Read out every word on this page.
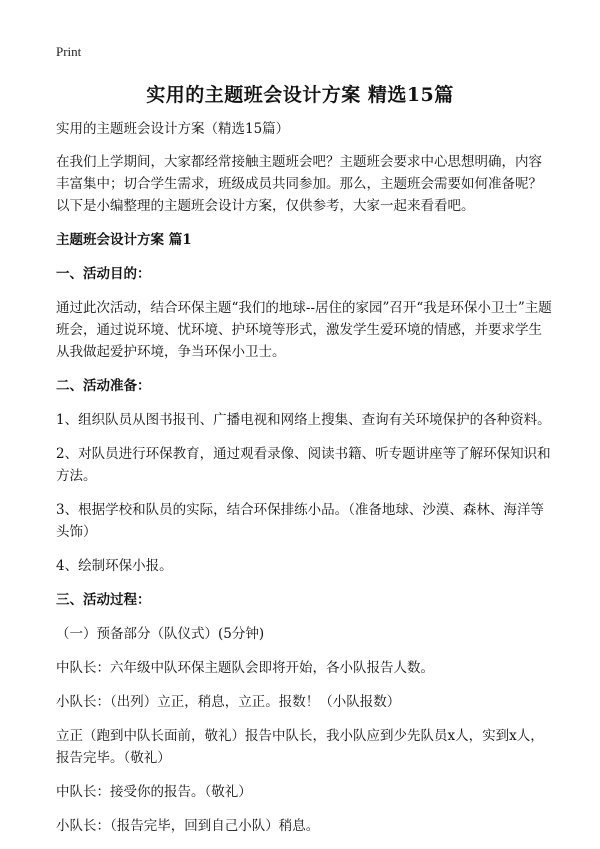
Print
实用的主题班会设计方案 精选15篇

实用的主题班会设计方案（精选15篇）

在我们上学期间，大家都经常接触主题班会吧？主题班会要求中心思想明确，内容丰富集中；切合学生需求，班级成员共同参加。那么，主题班会需要如何准备呢？以下是小编整理的主题班会设计方案，仅供参考，大家一起来看看吧。

主题班会设计方案 篇1

一、活动目的：

通过此次活动，结合环保主题“我们的地球--居住的家园”召开“我是环保小卫士”主题班会，通过说环境、忧环境、护环境等形式，激发学生爱环境的情感，并要求学生从我做起爱护环境，争当环保小卫士。

二、活动准备：

1、组织队员从图书报刊、广播电视和网络上搜集、查询有关环境保护的各种资料。

2、对队员进行环保教育，通过观看录像、阅读书籍、听专题讲座等了解环保知识和方法。

3、根据学校和队员的实际，结合环保排练小品。（准备地球、沙漠、森林、海洋等头饰）

4、绘制环保小报。

三、活动过程：

（一）预备部分（队仪式）(5分钟)

中队长：六年级中队环保主题队会即将开始，各小队报告人数。

小队长：（出列）立正，稍息，立正。报数！（小队报数）

立正（跑到中队长面前，敬礼）报告中队长，我小队应到少先队员x人，实到x人，报告完毕。（敬礼）

中队长：接受你的报告。（敬礼）

小队长：（报告完毕，回到自己小队）稍息。
